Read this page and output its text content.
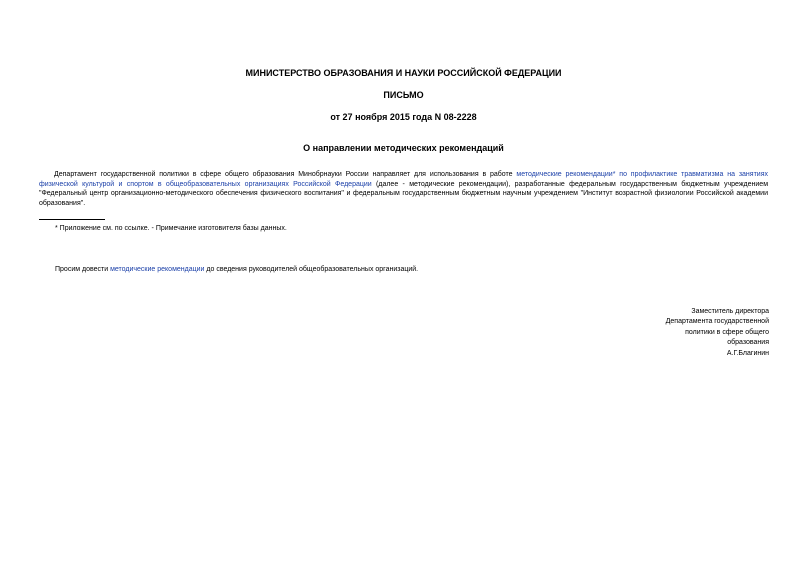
МИНИСТЕРСТВО ОБРАЗОВАНИЯ И НАУКИ РОССИЙСКОЙ ФЕДЕРАЦИИ
ПИСЬМО
от 27 ноября 2015 года N 08-2228
О направлении методических рекомендаций
Департамент государственной политики в сфере общего образования Минобрнауки России направляет для использования в работе методические рекомендации* по профилактике травматизма на занятиях физической культурой и спортом в общеобразовательных организациях Российской Федерации (далее - методические рекомендации), разработанные федеральным государственным бюджетным учреждением "Федеральный центр организационно-методического обеспечения физического воспитания" и федеральным государственным бюджетным научным учреждением "Институт возрастной физиологии Российской академии образования".
* Приложение см. по ссылке. - Примечание изготовителя базы данных.
Просим довести методические рекомендации до сведения руководителей общеобразовательных организаций.
Заместитель директора
Департамента государственной
политики в сфере общего
образования
А.Г.Благинин
